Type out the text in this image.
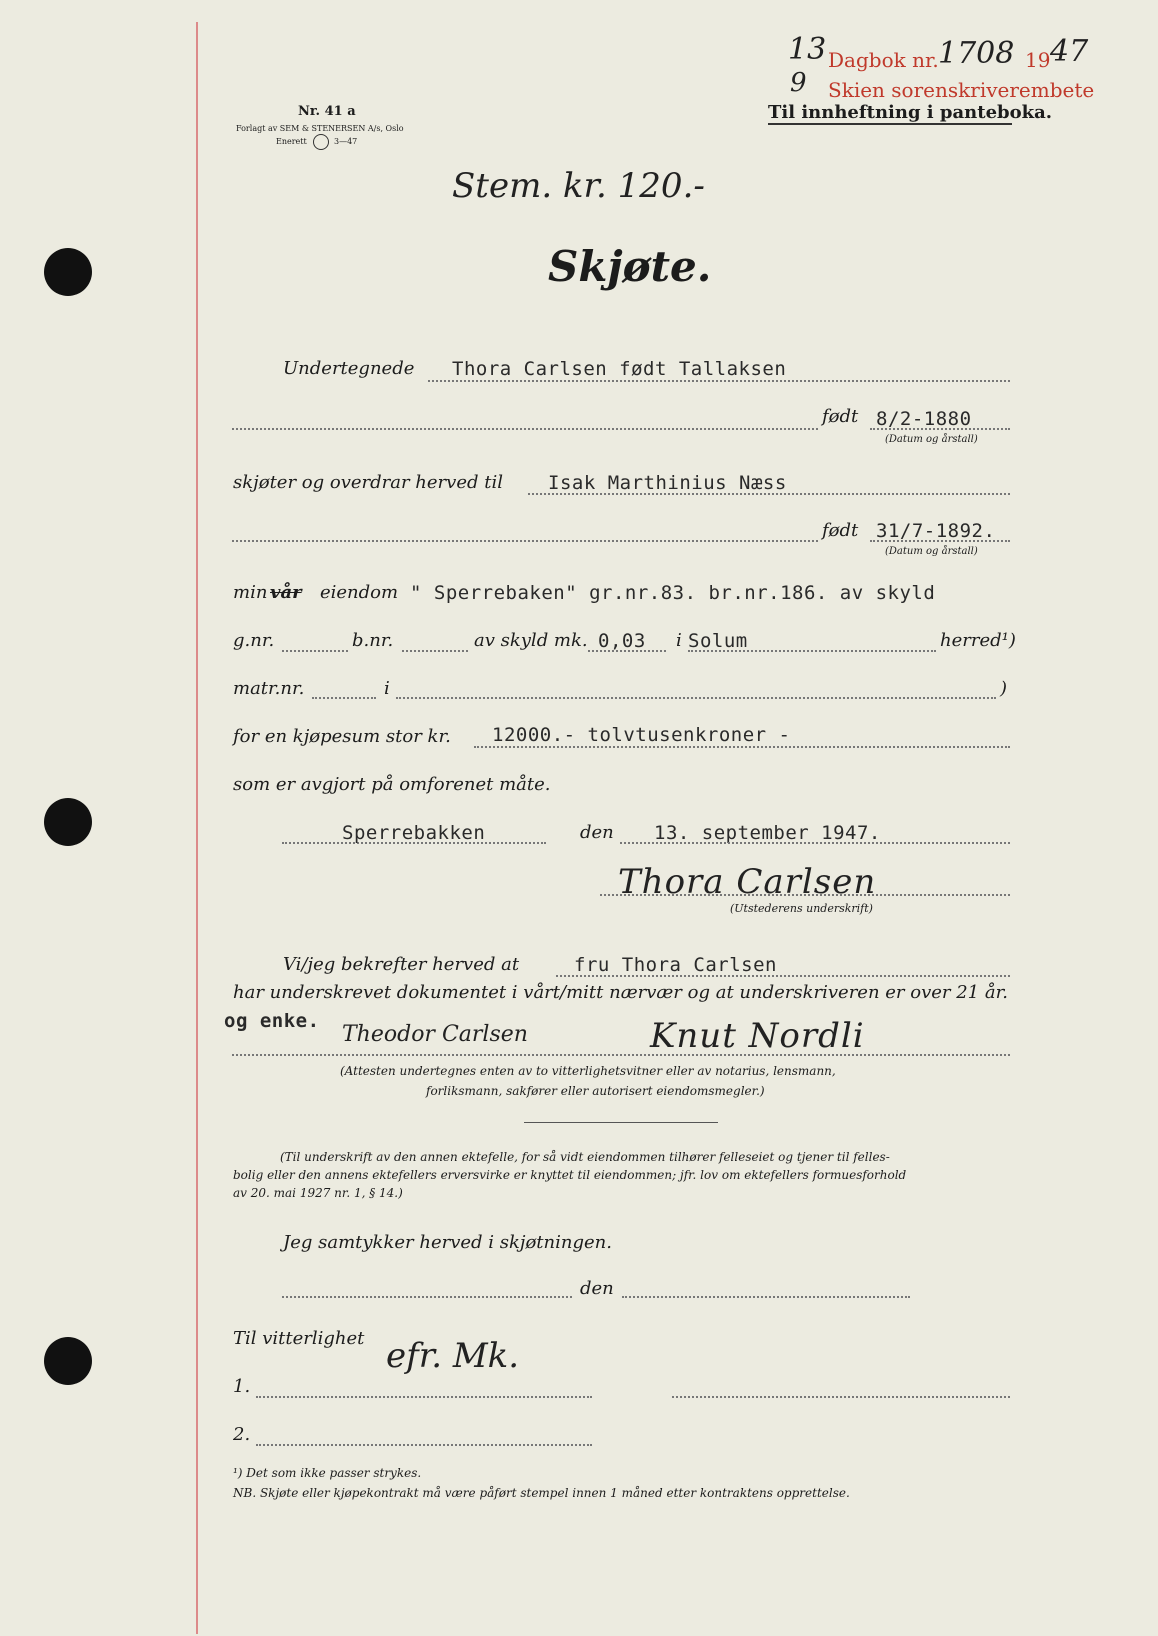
13
9
Dagbok nr. 1708 19 47
Skien sorenskriverembete
Til innheftning i panteboka.
Nr. 41 a
Forlagt av SEM & STENERSEN A/s, Oslo
Enerett	3—47
Stem. kr. 120.-
Skjøte.
Undertegnede Thora Carlsen født Tallaksen
født 8/2-1880
(Datum og årstall)
skjøter og overdrar herved til Isak Marthinius Næss
født 31/7-1892.
(Datum og årstall)
min vår eiendom " Sperrebaken" gr.nr.83. br.nr.186. av skyld
g.nr.	b.nr.	av skyld mk. 0,03 i Solum	herred¹)
matr.nr.	i	)
for en kjøpesum stor kr. 12000.- tolvtusenkroner -
som er avgjort på omforenet måte.
Sperrebakken	den 13. september 1947.
Thora Carlsen
(Utstederens underskrift)
Vi/jeg bekrefter herved at	fru Thora Carlsen
har underskrevet dokumentet i vårt/mitt nærvær og at underskriveren er over 21 år.
og enke.
Theodor Carlsen	Knut Nordli
(Attesten undertegnes enten av to vitterlighetsvitner eller av notarius, lensmann,
forliksmann, sakfører eller autorisert eiendomsmegler.)
(Til underskrift av den annen ektefelle, for så vidt eiendommen tilhører felleseiet og tjener til felles-
bolig eller den annens ektefellers erversvirke er knyttet til eiendommen; jfr. lov om ektefellers formuesforhold
av 20. mai 1927 nr. 1, § 14.)
Jeg samtykker herved i skjøtningen.
den
Til vitterlighet efr. Mk.
1.
2.
¹) Det som ikke passer strykes.
NB. Skjøte eller kjøpekontrakt må være påført stempel innen 1 måned etter kontraktens opprettelse.
